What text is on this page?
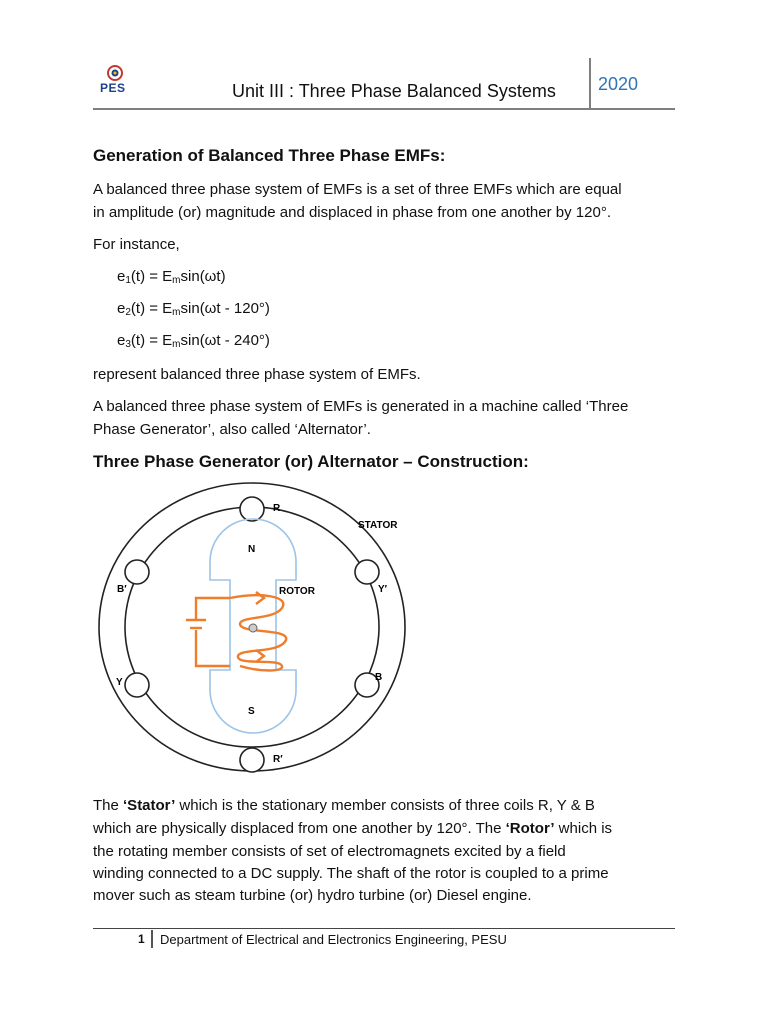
PES	Unit III : Three Phase Balanced Systems 2020
Generation of Balanced Three Phase EMFs:
A balanced three phase system of EMFs is a set of three EMFs which are equal
in amplitude (or) magnitude and displaced in phase from one another by 120°.
For instance,
$e_1(t) = E_m\sin(\omega t)$
$e_2(t) = E_m\sin(\omega t - 120^\circ)$
$e_3(t) = E_m\sin(\omega t - 240^\circ)$
represent balanced three phase system of EMFs.
A balanced three phase system of EMFs is generated in a machine called ‘Three
Phase Generator’, also called ‘Alternator’.
Three Phase Generator (or) Alternator – Construction:
R
R′
STATOR
N
S
ROTOR
B′	Y′
Y	B
The ‘Stator’ which is the stationary member consists of three coils R, Y & B
which are physically displaced from one another by 120°. The ‘Rotor’ which is
the rotating member consists of set of electromagnets excited by a field
winding connected to a DC supply. The shaft of the rotor is coupled to a prime
mover such as steam turbine (or) hydro turbine (or) Diesel engine.
1 Department of Electrical and Electronics Engineering, PESU
